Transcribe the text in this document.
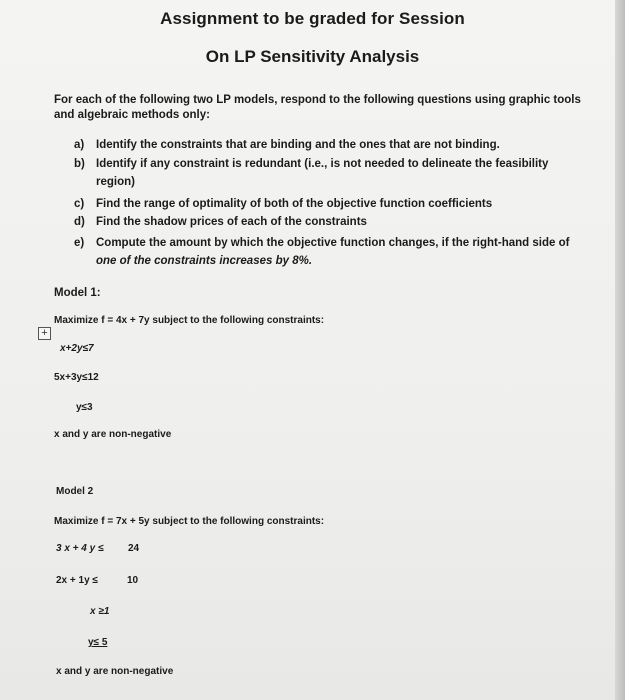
Assignment to be graded for Session
On LP Sensitivity Analysis
For each of the following two LP models, respond to the following questions using graphic tools
and algebraic methods only:
a) Identify the constraints that are binding and the ones that are not binding.
b) Identify if any constraint is redundant (i.e., is not needed to delineate the feasibility
region)
c) Find the range of optimality of both of the objective function coefficients
d) Find the shadow prices of each of the constraints
e) Compute the amount by which the objective function changes, if the right-hand side of
one of the constraints increases by 8%.
Model 1:
Maximize f = 4x + 7y subject to the following constraints:
+
x+2y≤7
5x+3y≤12
y≤3
x and y are non-negative
Model 2
Maximize f = 7x + 5y subject to the following constraints:
3 x + 4 y ≤ 24
2x + 1y ≤	10
x ≥1
y≤ 5
x and y are non-negative
